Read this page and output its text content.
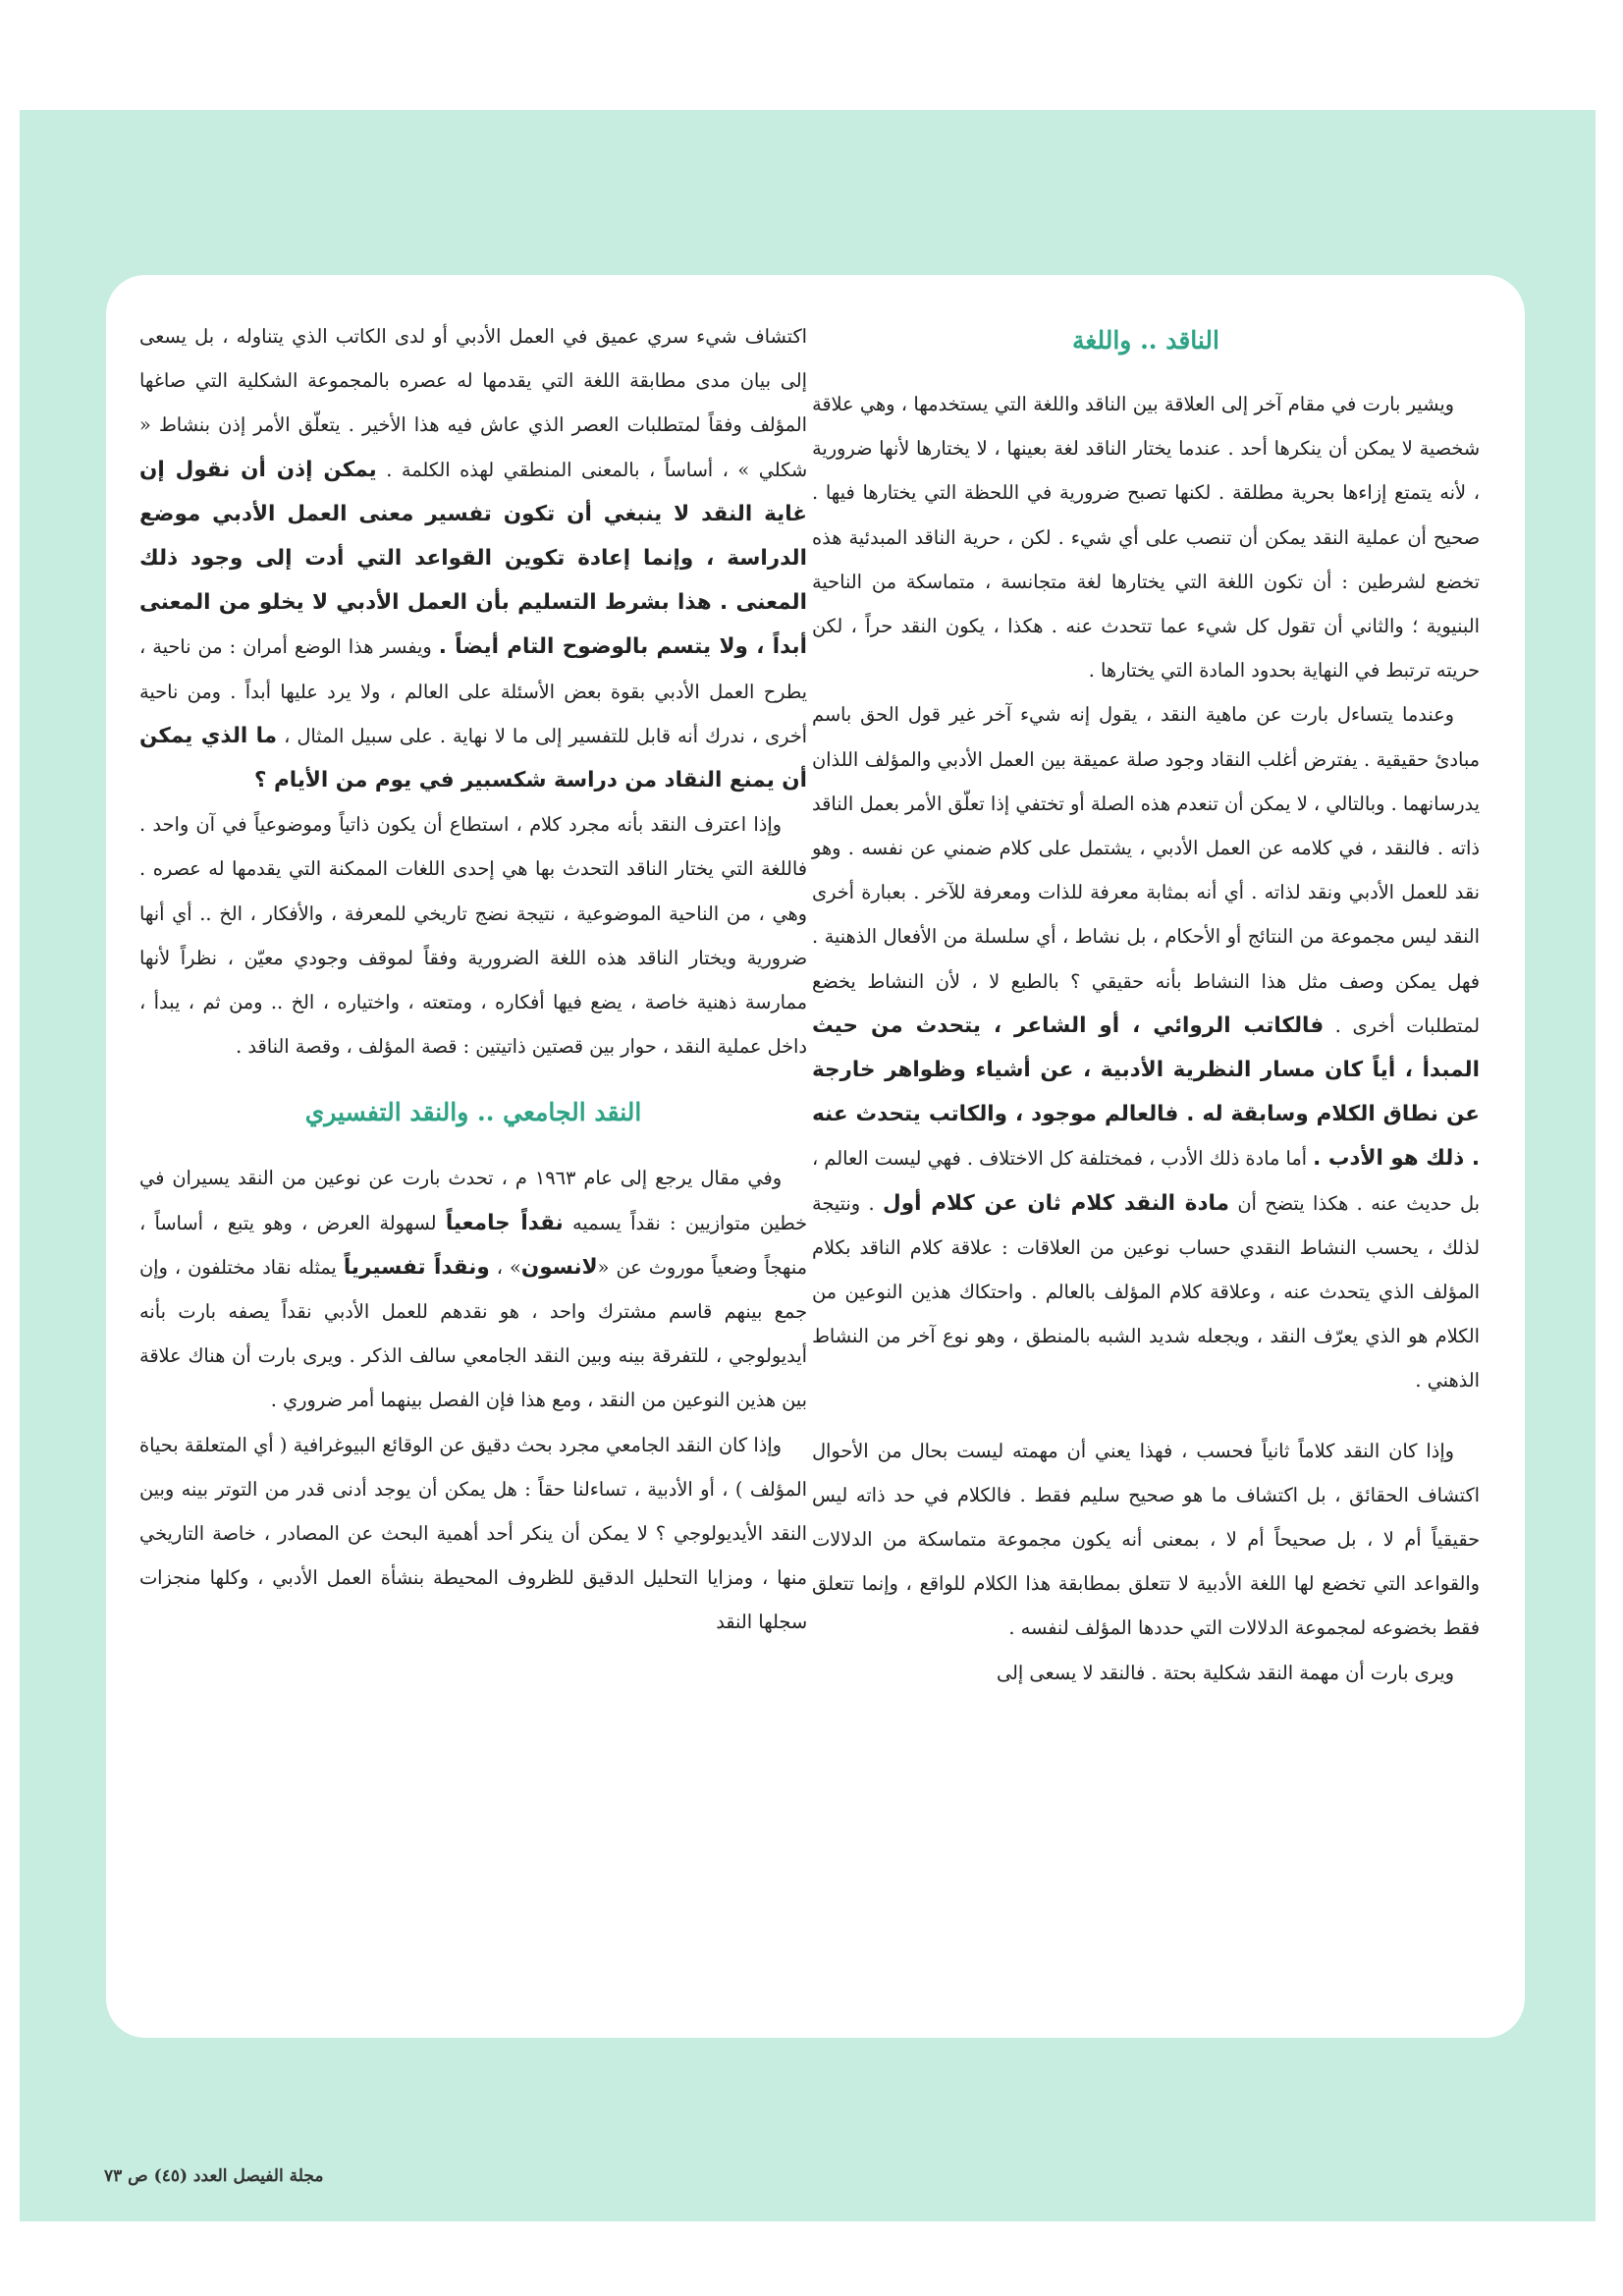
الناقد .. واللغة

ويشير بارت في مقام آخر إلى العلاقة بين الناقد واللغة التي يستخدمها ، وهي علاقة شخصية لا يمكن أن ينكرها أحد . عندما يختار الناقد لغة بعينها ، لا يختارها لأنها ضرورية ، لأنه يتمتع إزاءها بحرية مطلقة . لكنها تصبح ضرورية في اللحظة التي يختارها فيها . صحيح أن عملية النقد يمكن أن تنصب على أي شيء . لكن ، حرية الناقد المبدئية هذه تخضع لشرطين : أن تكون اللغة التي يختارها لغة متجانسة ، متماسكة من الناحية البنيوية ؛ والثاني أن تقول كل شيء عما تتحدث عنه . هكذا ، يكون النقد حراً ، لكن حريته ترتبط في النهاية بحدود المادة التي يختارها .

وعندما يتساءل بارت عن ماهية النقد ، يقول إنه شيء آخر غير قول الحق باسم مبادئ حقيقية . يفترض أغلب النقاد وجود صلة عميقة بين العمل الأدبي والمؤلف اللذان يدرسانهما . وبالتالي ، لا يمكن أن تنعدم هذه الصلة أو تختفي إذا تعلّق الأمر بعمل الناقد ذاته . فالنقد ، في كلامه عن العمل الأدبي ، يشتمل على كلام ضمني عن نفسه . وهو نقد للعمل الأدبي ونقد لذاته . أي أنه بمثابة معرفة للذات ومعرفة للآخر . بعبارة أخرى النقد ليس مجموعة من النتائج أو الأحكام ، بل نشاط ، أي سلسلة من الأفعال الذهنية . فهل يمكن وصف مثل هذا النشاط بأنه حقيقي ؟ بالطبع لا ، لأن النشاط يخضع لمتطلبات أخرى . فالكاتب الروائي ، أو الشاعر ، يتحدث من حيث المبدأ ، أياً كان مسار النظرية الأدبية ، عن أشياء وظواهر خارجة عن نطاق الكلام وسابقة له . فالعالم موجود ، والكاتب يتحدث عنه . ذلك هو الأدب . أما مادة ذلك الأدب ، فمختلفة كل الاختلاف . فهي ليست العالم ، بل حديث عنه . هكذا يتضح أن مادة النقد كلام ثان عن كلام أول . ونتيجة لذلك ، يحسب النشاط النقدي حساب نوعين من العلاقات : علاقة كلام الناقد بكلام المؤلف الذي يتحدث عنه ، وعلاقة كلام المؤلف بالعالم . واحتكاك هذين النوعين من الكلام هو الذي يعرّف النقد ، ويجعله شديد الشبه بالمنطق ، وهو نوع آخر من النشاط الذهني .

وإذا كان النقد كلاماً ثانياً فحسب ، فهذا يعني أن مهمته ليست بحال من الأحوال اكتشاف الحقائق ، بل اكتشاف ما هو صحيح سليم فقط . فالكلام في حد ذاته ليس حقيقياً أم لا ، بل صحيحاً أم لا ، بمعنى أنه يكون مجموعة متماسكة من الدلالات والقواعد التي تخضع لها اللغة الأدبية لا تتعلق بمطابقة هذا الكلام للواقع ، وإنما تتعلق فقط بخضوعه لمجموعة الدلالات التي حددها المؤلف لنفسه .

ويرى بارت أن مهمة النقد شكلية بحتة . فالنقد لا يسعى إلى

اكتشاف شيء سري عميق في العمل الأدبي أو لدى الكاتب الذي يتناوله ، بل يسعى إلى بيان مدى مطابقة اللغة التي يقدمها له عصره بالمجموعة الشكلية التي صاغها المؤلف وفقاً لمتطلبات العصر الذي عاش فيه هذا الأخير . يتعلّق الأمر إذن بنشاط « شكلي » ، أساساً ، بالمعنى المنطقي لهذه الكلمة . يمكن إذن أن نقول إن غاية النقد لا ينبغي أن تكون تفسير معنى العمل الأدبي موضع الدراسة ، وإنما إعادة تكوين القواعد التي أدت إلى وجود ذلك المعنى . هذا بشرط التسليم بأن العمل الأدبي لا يخلو من المعنى أبداً ، ولا يتسم بالوضوح التام أيضاً . ويفسر هذا الوضع أمران : من ناحية ، يطرح العمل الأدبي بقوة بعض الأسئلة على العالم ، ولا يرد عليها أبداً . ومن ناحية أخرى ، ندرك أنه قابل للتفسير إلى ما لا نهاية . على سبيل المثال ، ما الذي يمكن أن يمنع النقاد من دراسة شكسبير في يوم من الأيام ؟

وإذا اعترف النقد بأنه مجرد كلام ، استطاع أن يكون ذاتياً وموضوعياً في آن واحد . فاللغة التي يختار الناقد التحدث بها هي إحدى اللغات الممكنة التي يقدمها له عصره . وهي ، من الناحية الموضوعية ، نتيجة نضج تاريخي للمعرفة ، والأفكار ، الخ .. أي أنها ضرورية ويختار الناقد هذه اللغة الضرورية وفقاً لموقف وجودي معيّن ، نظراً لأنها ممارسة ذهنية خاصة ، يضع فيها أفكاره ، ومتعته ، واختياره ، الخ .. ومن ثم ، يبدأ ، داخل عملية النقد ، حوار بين قصتين ذاتيتين : قصة المؤلف ، وقصة الناقد .

النقد الجامعي .. والنقد التفسيري

وفي مقال يرجع إلى عام ١٩٦٣ م ، تحدث بارت عن نوعين من النقد يسيران في خطين متوازيين : نقداً يسميه نقداً جامعياً لسهولة العرض ، وهو يتبع ، أساساً ، منهجاً وضعياً موروث عن «لانسون» ، ونقداً تفسيرياً يمثله نقاد مختلفون ، وإن جمع بينهم قاسم مشترك واحد ، هو نقدهم للعمل الأدبي نقداً يصفه بارت بأنه أيديولوجي ، للتفرقة بينه وبين النقد الجامعي سالف الذكر . ويرى بارت أن هناك علاقة بين هذين النوعين من النقد ، ومع هذا فإن الفصل بينهما أمر ضروري .

وإذا كان النقد الجامعي مجرد بحث دقيق عن الوقائع البيوغرافية ( أي المتعلقة بحياة المؤلف ) ، أو الأدبية ، تساءلنا حقاً : هل يمكن أن يوجد أدنى قدر من التوتر بينه وبين النقد الأيديولوجي ؟ لا يمكن أن ينكر أحد أهمية البحث عن المصادر ، خاصة التاريخي منها ، ومزايا التحليل الدقيق للظروف المحيطة بنشأة العمل الأدبي ، وكلها منجزات سجلها النقد

مجلة الفيصل العدد (٤٥) ص ٧٣
